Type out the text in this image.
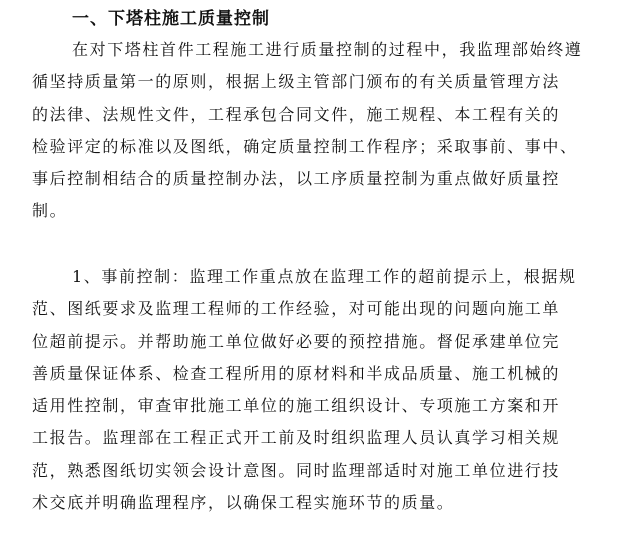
一、下塔柱施工质量控制
在对下塔柱首件工程施工进行质量控制的过程中，我监理部始终遵
循坚持质量第一的原则，根据上级主管部门颁布的有关质量管理方法
的法律、法规性文件，工程承包合同文件，施工规程、本工程有关的
检验评定的标准以及图纸，确定质量控制工作程序；采取事前、事中、
事后控制相结合的质量控制办法，以工序质量控制为重点做好质量控
制。
1、事前控制：监理工作重点放在监理工作的超前提示上，根据规
范、图纸要求及监理工程师的工作经验，对可能出现的问题向施工单
位超前提示。并帮助施工单位做好必要的预控措施。督促承建单位完
善质量保证体系、检查工程所用的原材料和半成品质量、施工机械的
适用性控制，审查审批施工单位的施工组织设计、专项施工方案和开
工报告。监理部在工程正式开工前及时组织监理人员认真学习相关规
范，熟悉图纸切实领会设计意图。同时监理部适时对施工单位进行技
术交底并明确监理程序，以确保工程实施环节的质量。
